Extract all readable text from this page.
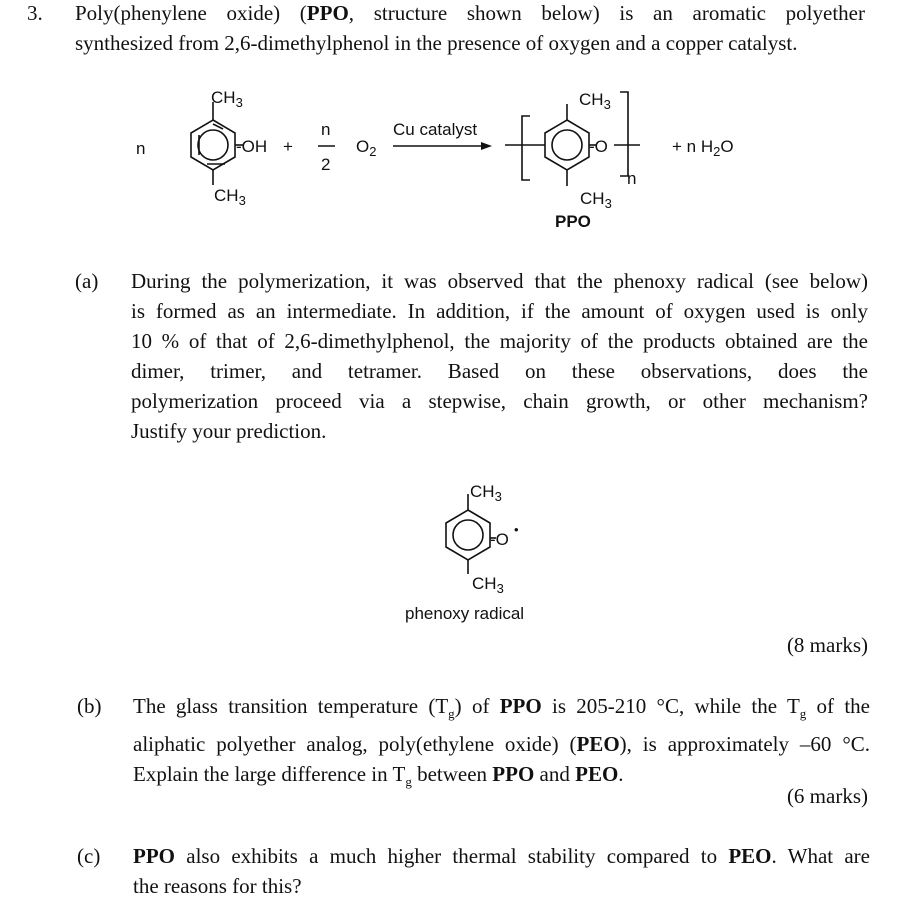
3. Poly(phenylene oxide) (PPO, structure shown below) is an aromatic polyether
synthesized from 2,6-dimethylphenol in the presence of oxygen and a copper catalyst.
n
$CH_3$
-OH +
n
2
$O_2$
Cu catalyst
$CH_3$
$CH_3$
-O
n
$CH_3$
PPO
+ n $H_2O$
(a) During the polymerization, it was observed that the phenoxy radical (see below)
is formed as an intermediate. In addition, if the amount of oxygen used is only
10 % of that of 2,6-dimethylphenol, the majority of the products obtained are the
dimer, trimer, and tetramer. Based on these observations, does the
polymerization proceed via a stepwise, chain growth, or other mechanism?
Justify your prediction.
$CH_3$
-O
•
$CH_3$
phenoxy radical
(8 marks)
(b) The glass transition temperature $(T_g)$ of PPO is 205-210 °C, while the $T_g$ of the
aliphatic polyether analog, poly(ethylene oxide) (PEO), is approximately –60 °C.
Explain the large difference in $T_g$ between PPO and PEO.
(6 marks)
(c) PPO also exhibits a much higher thermal stability compared to PEO. What are
the reasons for this?
